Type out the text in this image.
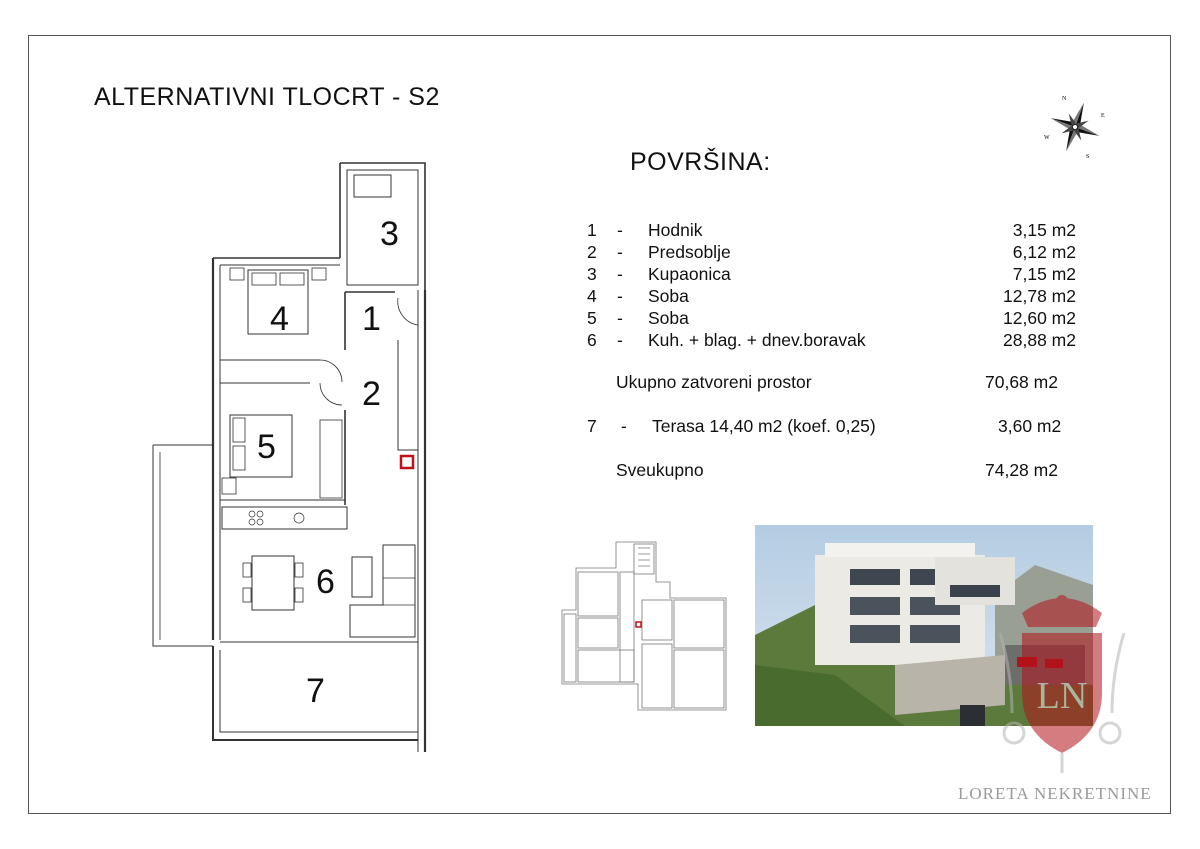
ALTERNATIVNI TLOCRT - S2	N
E
S
W
POVRŠINA:
1 - Hodnik	3,15 m2
2 - Predsoblje	6,12 m2
3 - Kupaonica	7,15 m2
4 - Soba	12,78 m2
5 - Soba	12,60 m2
6 - Kuh. + blag. + dnev.boravak	28,88 m2
Ukupno zatvoreni prostor	70,68 m2
7 - Terasa 14,40 m2 (koef. 0,25)	3,60 m2
Sveukupno	74,28 m2
4 1
3
2
5
6
7	LN
LORETA NEKRETNINE
